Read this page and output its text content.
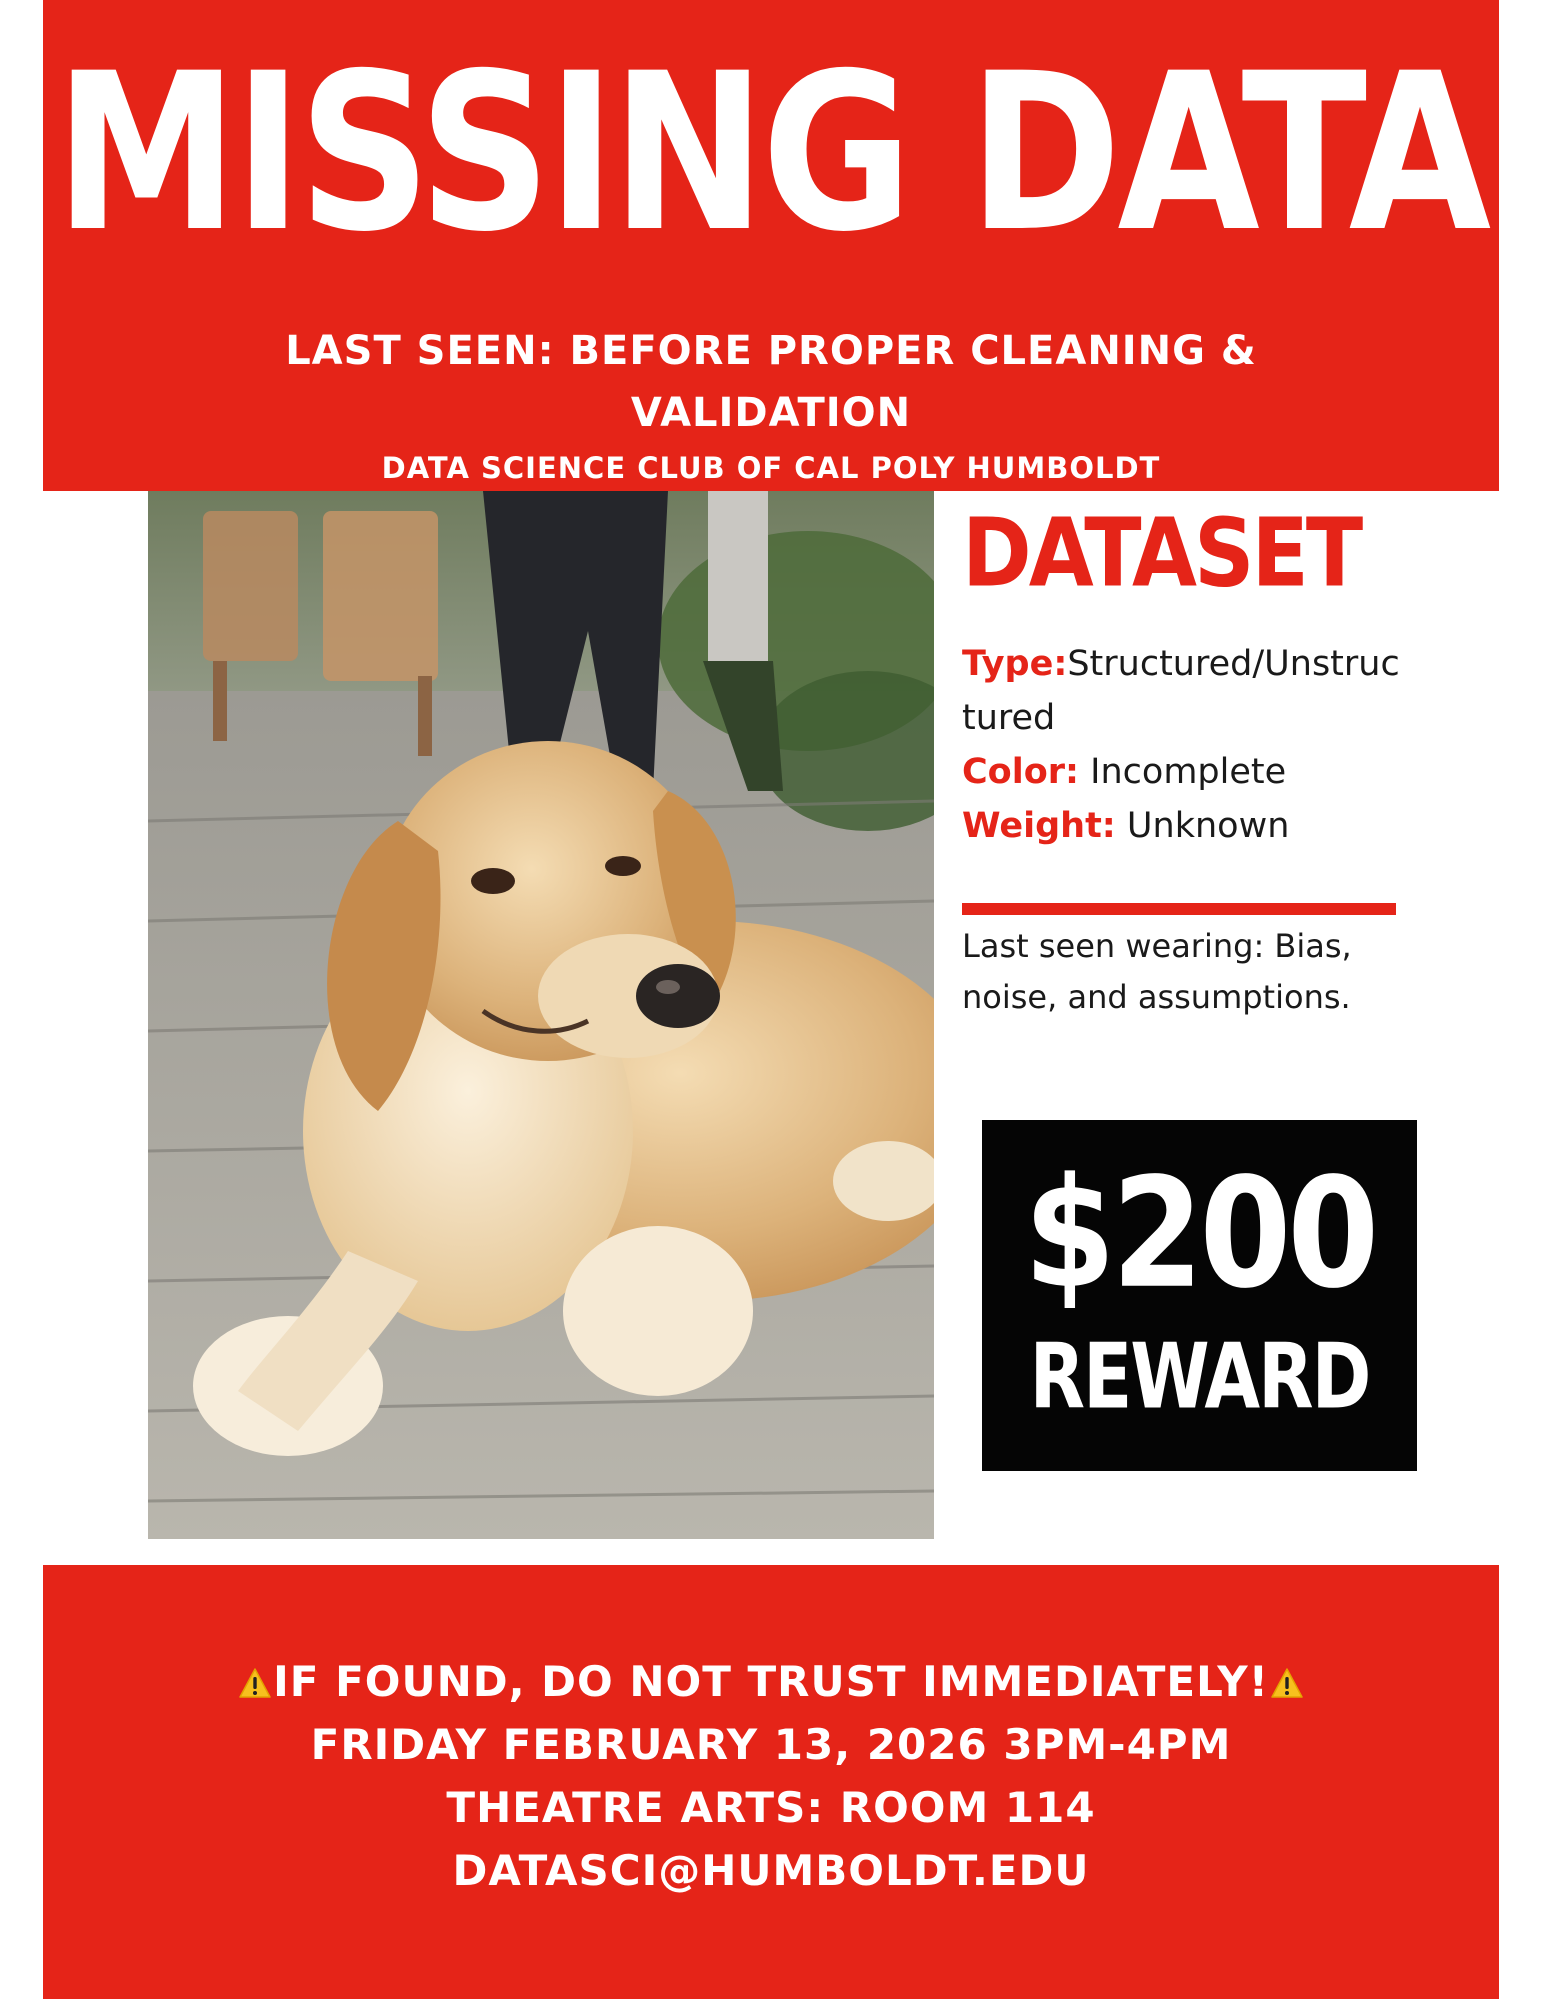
MISSING DATA
LAST SEEN: BEFORE PROPER CLEANING & VALIDATION
DATA SCIENCE CLUB OF CAL POLY HUMBOLDT
DATASET
Type:Structured/Unstructured
Color: Incomplete
Weight: Unknown
Last seen wearing: Bias, noise, and assumptions.
$200
REWARD
IF FOUND, DO NOT TRUST IMMEDIATELY!
FRIDAY FEBRUARY 13, 2026 3PM-4PM
THEATRE ARTS: ROOM 114
DATASCI@HUMBOLDT.EDU
